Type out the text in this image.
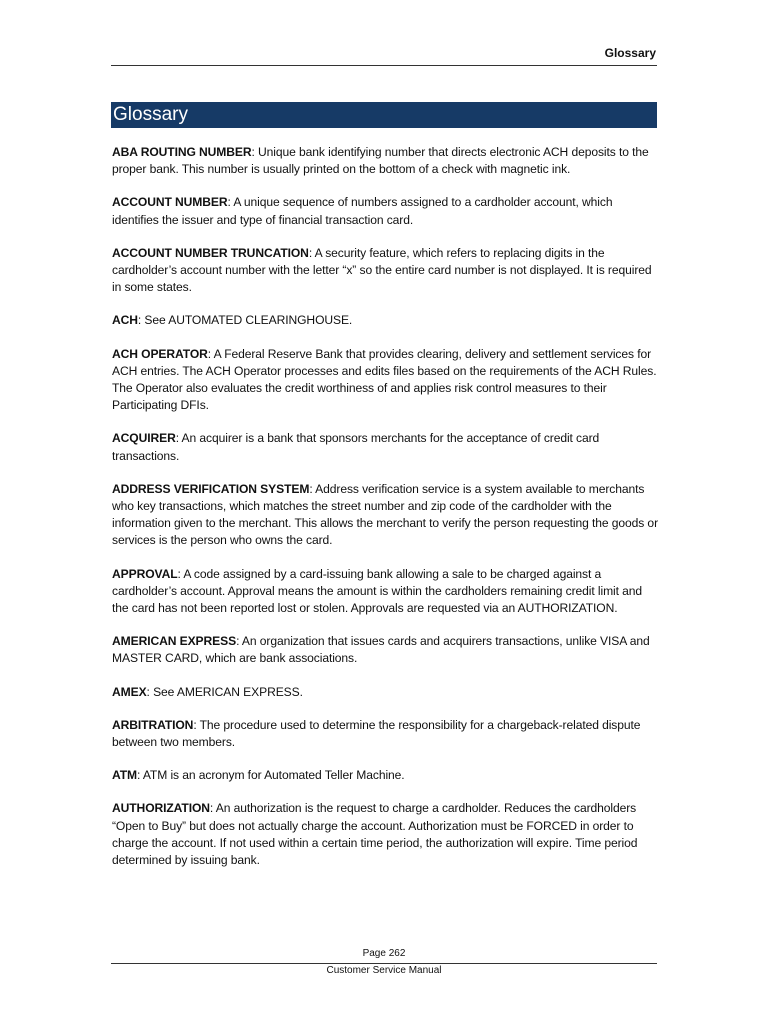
Glossary
Glossary

ABA ROUTING NUMBER: Unique bank identifying number that directs electronic ACH deposits to the proper bank. This number is usually printed on the bottom of a check with magnetic ink.

ACCOUNT NUMBER: A unique sequence of numbers assigned to a cardholder account, which identifies the issuer and type of financial transaction card.

ACCOUNT NUMBER TRUNCATION: A security feature, which refers to replacing digits in the cardholder’s account number with the letter “x” so the entire card number is not displayed. It is required in some states.

ACH: See AUTOMATED CLEARINGHOUSE.

ACH OPERATOR: A Federal Reserve Bank that provides clearing, delivery and settlement services for ACH entries. The ACH Operator processes and edits files based on the requirements of the ACH Rules. The Operator also evaluates the credit worthiness of and applies risk control measures to their Participating DFIs.

ACQUIRER: An acquirer is a bank that sponsors merchants for the acceptance of credit card transactions.

ADDRESS VERIFICATION SYSTEM: Address verification service is a system available to merchants who key transactions, which matches the street number and zip code of the cardholder with the information given to the merchant. This allows the merchant to verify the person requesting the goods or services is the person who owns the card.

APPROVAL: A code assigned by a card-issuing bank allowing a sale to be charged against a cardholder’s account. Approval means the amount is within the cardholders remaining credit limit and the card has not been reported lost or stolen. Approvals are requested via an AUTHORIZATION.

AMERICAN EXPRESS: An organization that issues cards and acquirers transactions, unlike VISA and MASTER CARD, which are bank associations.

AMEX: See AMERICAN EXPRESS.

ARBITRATION: The procedure used to determine the responsibility for a chargeback-related dispute between two members.

ATM: ATM is an acronym for Automated Teller Machine.

AUTHORIZATION: An authorization is the request to charge a cardholder. Reduces the cardholders “Open to Buy” but does not actually charge the account. Authorization must be FORCED in order to charge the account. If not used within a certain time period, the authorization will expire. Time period determined by issuing bank.

Page 262
Customer Service Manual
